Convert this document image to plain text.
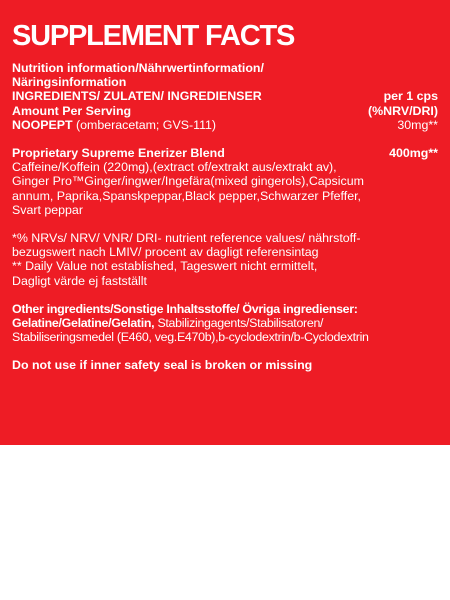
SUPPLEMENT FACTS
Nutrition information/Nährwertinformation/
Näringsinformation
INGREDIENTS/ ZULATEN/ INGREDIENSER	per 1 cps
Amount Per Serving	(%NRV/DRI)
NOOPEPT (omberacetam; GVS-111)	30mg**
Proprietary Supreme Enerizer Blend	400mg**
Caffeine/Koffein (220mg),(extract of/extrakt aus/extrakt av),
Ginger Pro™Ginger/ingwer/Ingefära(mixed gingerols),Capsicum
annum, Paprika,Spanskpeppar,Black pepper,Schwarzer Pfeffer,
Svart peppar
*% NRVs/ NRV/ VNR/ DRI- nutrient reference values/ nährstoff-
bezugswert nach LMIV/ procent av dagligt referensintag
** Daily Value not established, Tageswert nicht ermittelt,
Dagligt värde ej fastställt
Other ingredients/Sonstige Inhaltsstoffe/ Övriga ingredienser:
Gelatine/Gelatine/Gelatin, Stabilizingagents/Stabilisatoren/
Stabiliseringsmedel (E460, veg.E470b),b-cyclodextrin/b-Cyclodextrin
Do not use if inner safety seal is broken or missing
